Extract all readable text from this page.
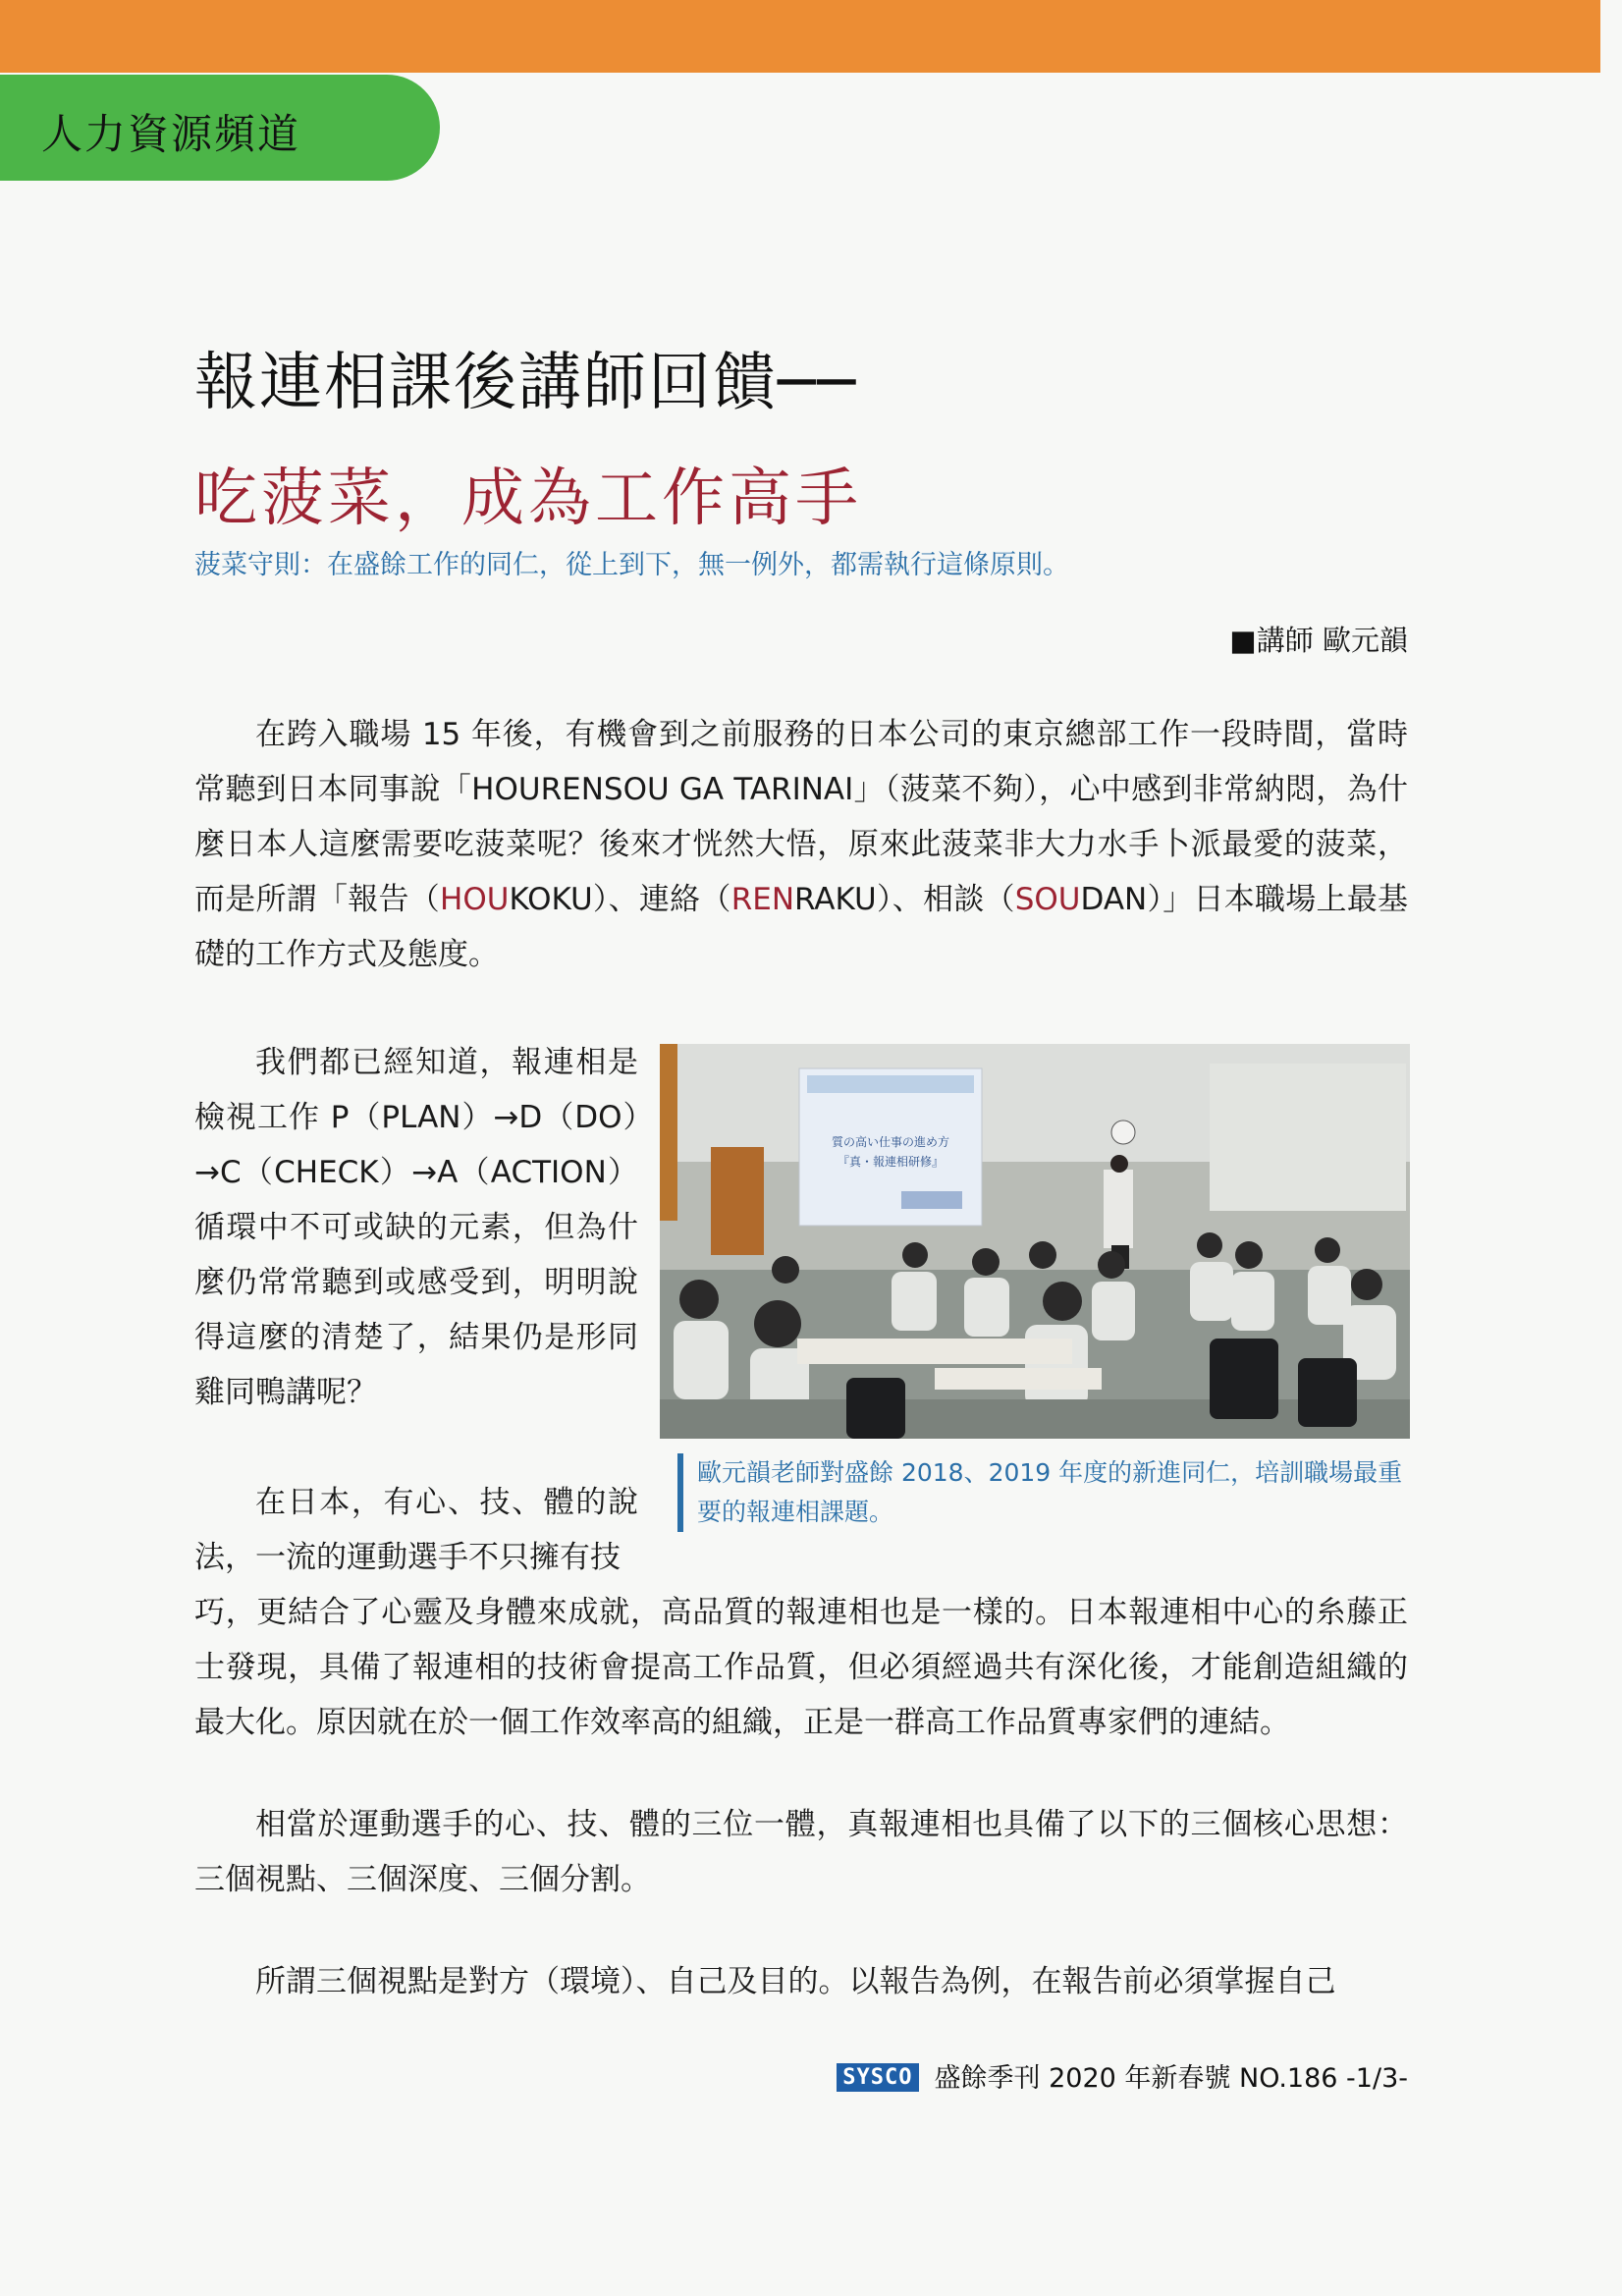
人力資源頻道
報連相課後講師回饋──
吃菠菜，成為工作高手
菠菜守則：在盛餘工作的同仁，從上到下，無一例外，都需執行這條原則。
■講師 歐元韻

在跨入職場 15 年後，有機會到之前服務的日本公司的東京總部工作一段時間，當時常聽到日本同事說「HOURENSOU GA TARINAI」（菠菜不夠），心中感到非常納悶，為什麼日本人這麼需要吃菠菜呢？後來才恍然大悟，原來此菠菜非大力水手卜派最愛的菠菜，而是所謂「報告（HOUKOKU）、連絡（RENRAKU）、相談（SOUDAN）」日本職場上最基礎的工作方式及態度。

我們都已經知道，報連相是檢視工作 P（PLAN）→D（DO）→C（CHECK）→A（ACTION）循環中不可或缺的元素，但為什麼仍常常聽到或感受到，明明說得這麼的清楚了，結果仍是形同雞同鴨講呢？

質の高い仕事の進め方
『真・報連相研修』
歐元韻老師對盛餘 2018、2019 年度的新進同仁，培訓職場最重要的報連相課題。

在日本，有心、技、體的說法，一流的運動選手不只擁有技

巧，更結合了心靈及身體來成就，高品質的報連相也是一樣的。日本報連相中心的糸藤正士發現，具備了報連相的技術會提高工作品質，但必須經過共有深化後，才能創造組織的最大化。原因就在於一個工作效率高的組織，正是一群高工作品質專家們的連結。

相當於運動選手的心、技、體的三位一體，真報連相也具備了以下的三個核心思想：三個視點、三個深度、三個分割。

所謂三個視點是對方（環境）、自己及目的。以報告為例，在報告前必須掌握自己

SYSCO 盛餘季刊 2020 年新春號 NO.186 -1/3-
